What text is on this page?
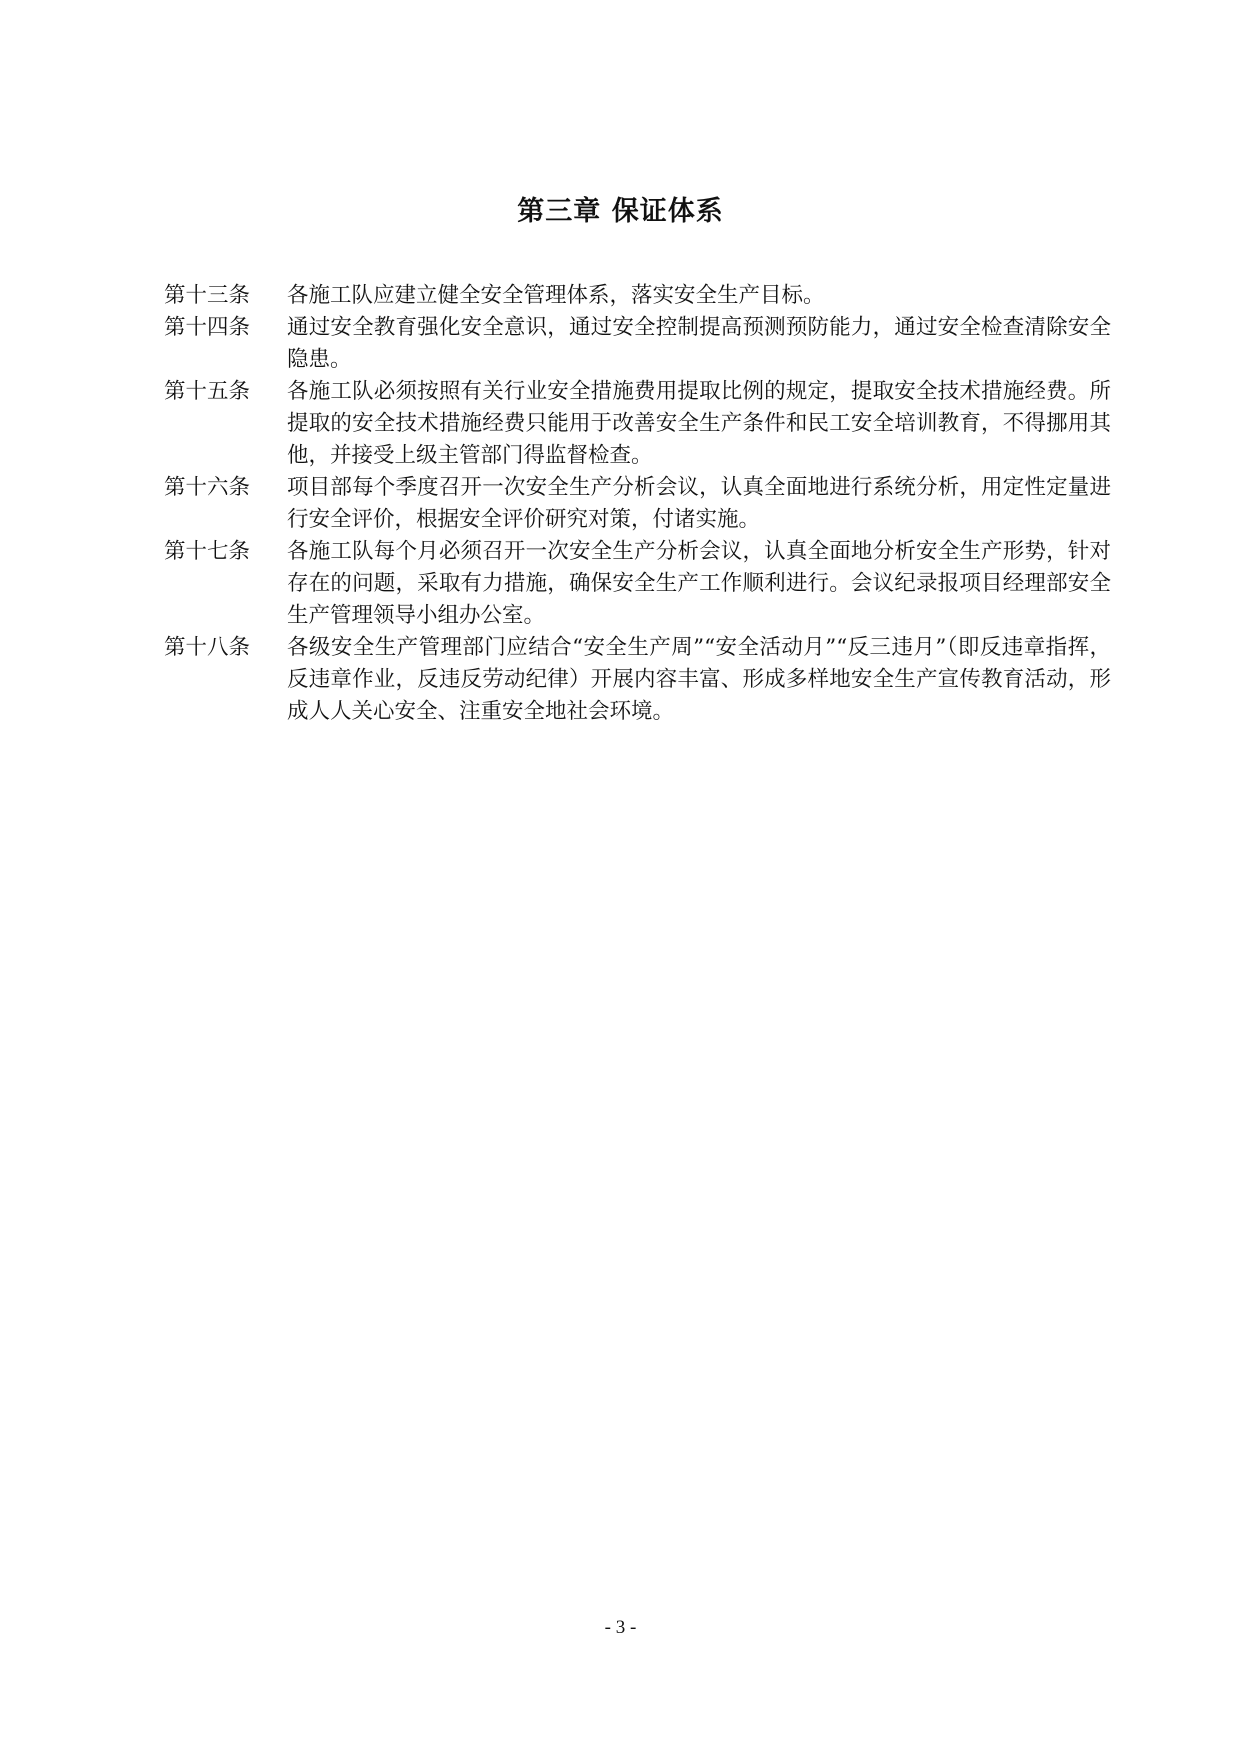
第三章 保证体系
第十三条	各施工队应建立健全安全管理体系，落实安全生产目标。
第十四条	通过安全教育强化安全意识，通过安全控制提高预测预防能力，通过安全检查清除安全隐患。
第十五条	各施工队必须按照有关行业安全措施费用提取比例的规定，提取安全技术措施经费。所提取的安全技术措施经费只能用于改善安全生产条件和民工安全培训教育，不得挪用其他，并接受上级主管部门得监督检查。
第十六条	项目部每个季度召开一次安全生产分析会议，认真全面地进行系统分析，用定性定量进行安全评价，根据安全评价研究对策，付诸实施。
第十七条	各施工队每个月必须召开一次安全生产分析会议，认真全面地分析安全生产形势，针对存在的问题，采取有力措施，确保安全生产工作顺利进行。会议纪录报项目经理部安全生产管理领导小组办公室。
第十八条	各级安全生产管理部门应结合“安全生产周”“安全活动月”“反三违月”（即反违章指挥，反违章作业，反违反劳动纪律）开展内容丰富、形成多样地安全生产宣传教育活动，形成人人关心安全、注重安全地社会环境。
- 3 -
